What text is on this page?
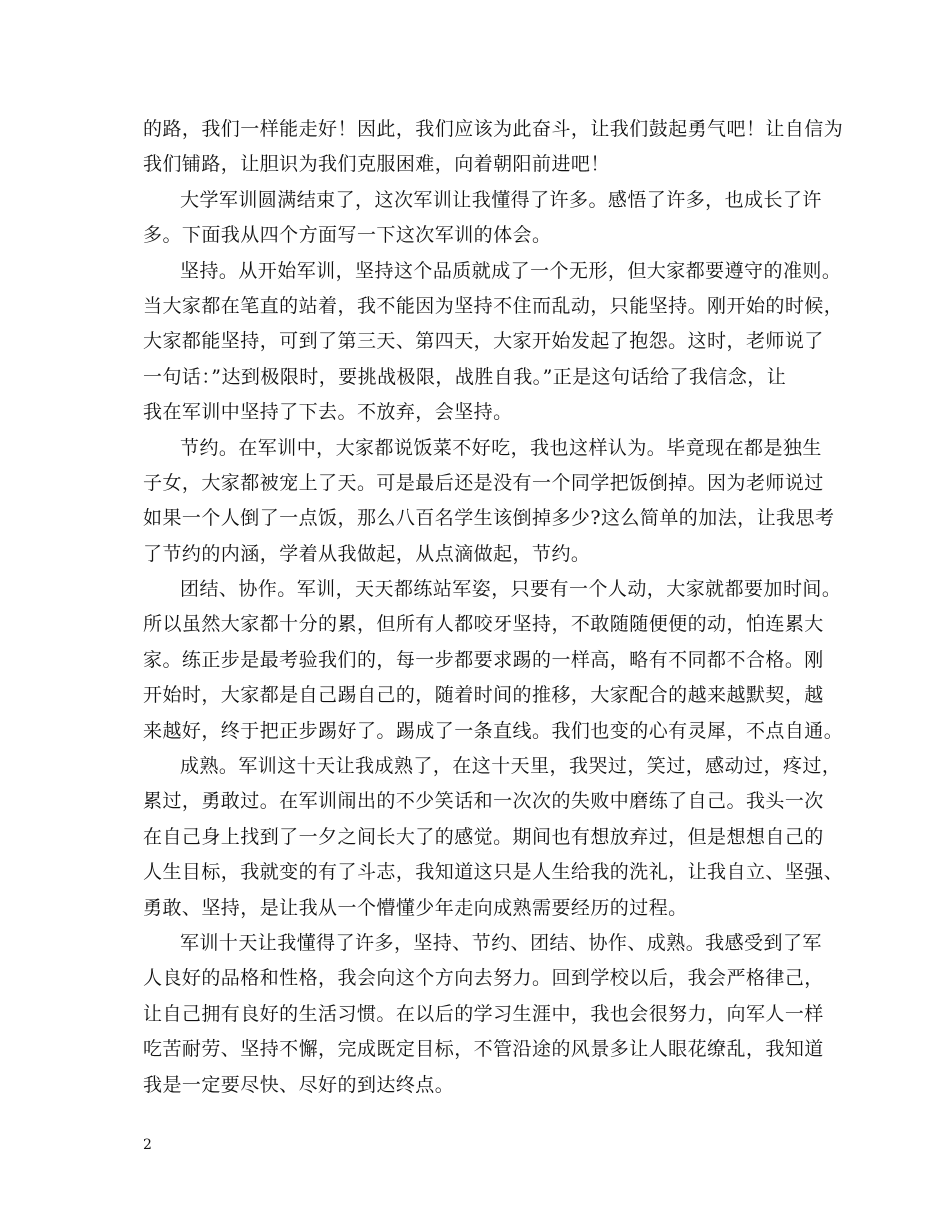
的路，我们一样能走好！因此，我们应该为此奋斗，让我们鼓起勇气吧！让自信为
我们铺路，让胆识为我们克服困难，向着朝阳前进吧！
大学军训圆满结束了，这次军训让我懂得了许多。感悟了许多，也成长了许
多。下面我从四个方面写一下这次军训的体会。
坚持。从开始军训，坚持这个品质就成了一个无形，但大家都要遵守的准则。
当大家都在笔直的站着，我不能因为坚持不住而乱动，只能坚持。刚开始的时候，
大家都能坚持，可到了第三天、第四天，大家开始发起了抱怨。这时，老师说了
一句话：”达到极限时，要挑战极限，战胜自我。”正是这句话给了我信念，让
我在军训中坚持了下去。不放弃，会坚持。
节约。在军训中，大家都说饭菜不好吃，我也这样认为。毕竟现在都是独生
子女，大家都被宠上了天。可是最后还是没有一个同学把饭倒掉。因为老师说过
如果一个人倒了一点饭，那么八百名学生该倒掉多少?这么简单的加法，让我思考
了节约的内涵，学着从我做起，从点滴做起，节约。
团结、协作。军训，天天都练站军姿，只要有一个人动，大家就都要加时间。
所以虽然大家都十分的累，但所有人都咬牙坚持，不敢随随便便的动，怕连累大
家。练正步是最考验我们的，每一步都要求踢的一样高，略有不同都不合格。刚
开始时，大家都是自己踢自己的，随着时间的推移，大家配合的越来越默契，越
来越好，终于把正步踢好了。踢成了一条直线。我们也变的心有灵犀，不点自通。
成熟。军训这十天让我成熟了，在这十天里，我哭过，笑过，感动过，疼过，
累过，勇敢过。在军训闹出的不少笑话和一次次的失败中磨练了自己。我头一次
在自己身上找到了一夕之间长大了的感觉。期间也有想放弃过，但是想想自己的
人生目标，我就变的有了斗志，我知道这只是人生给我的洗礼，让我自立、坚强、
勇敢、坚持，是让我从一个懵懂少年走向成熟需要经历的过程。
军训十天让我懂得了许多，坚持、节约、团结、协作、成熟。我感受到了军
人良好的品格和性格，我会向这个方向去努力。回到学校以后，我会严格律己，
让自己拥有良好的生活习惯。在以后的学习生涯中，我也会很努力，向军人一样
吃苦耐劳、坚持不懈，完成既定目标，不管沿途的风景多让人眼花缭乱，我知道
我是一定要尽快、尽好的到达终点。
2
